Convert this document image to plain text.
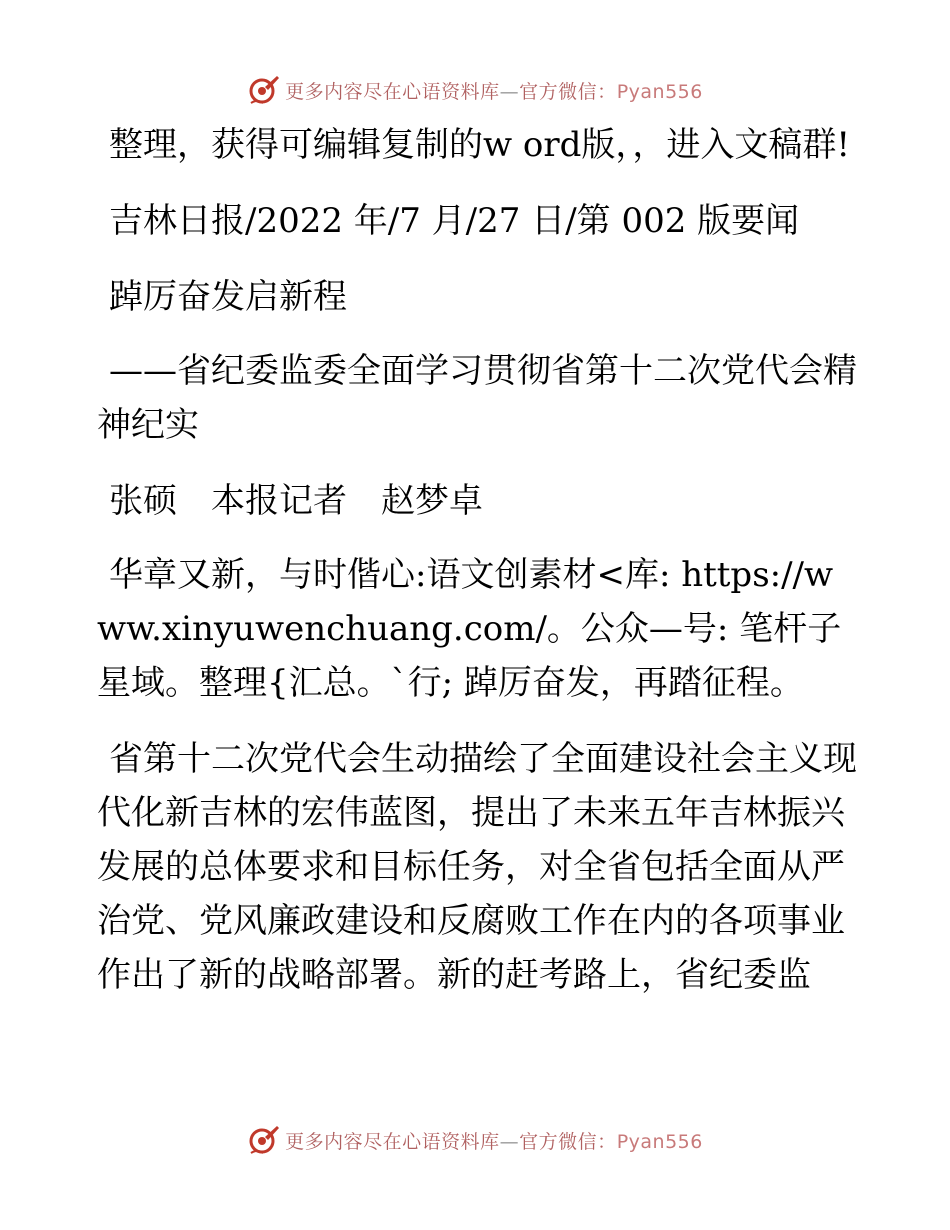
更多内容尽在心语资料库—官方微信：Pyan556

整理，获得可编辑复制的w ord版，，进入文稿群!

吉林日报/2022 年/7 月/27 日/第 002 版要闻

踔厉奋发启新程

——省纪委监委全面学习贯彻省第十二次党代会精神纪实

张硕　本报记者　赵梦卓

华章又新，与时偕心:语文创素材<库: https://www.xinyuwenchuang.com/。公众—号: 笔杆子星域。整理{汇总。`行; 踔厉奋发，再踏征程。

省第十二次党代会生动描绘了全面建设社会主义现代化新吉林的宏伟蓝图，提出了未来五年吉林振兴发展的总体要求和目标任务，对全省包括全面从严治党、党风廉政建设和反腐败工作在内的各项事业作出了新的战略部署。新的赶考路上，省纪委监

更多内容尽在心语资料库—官方微信：Pyan556
